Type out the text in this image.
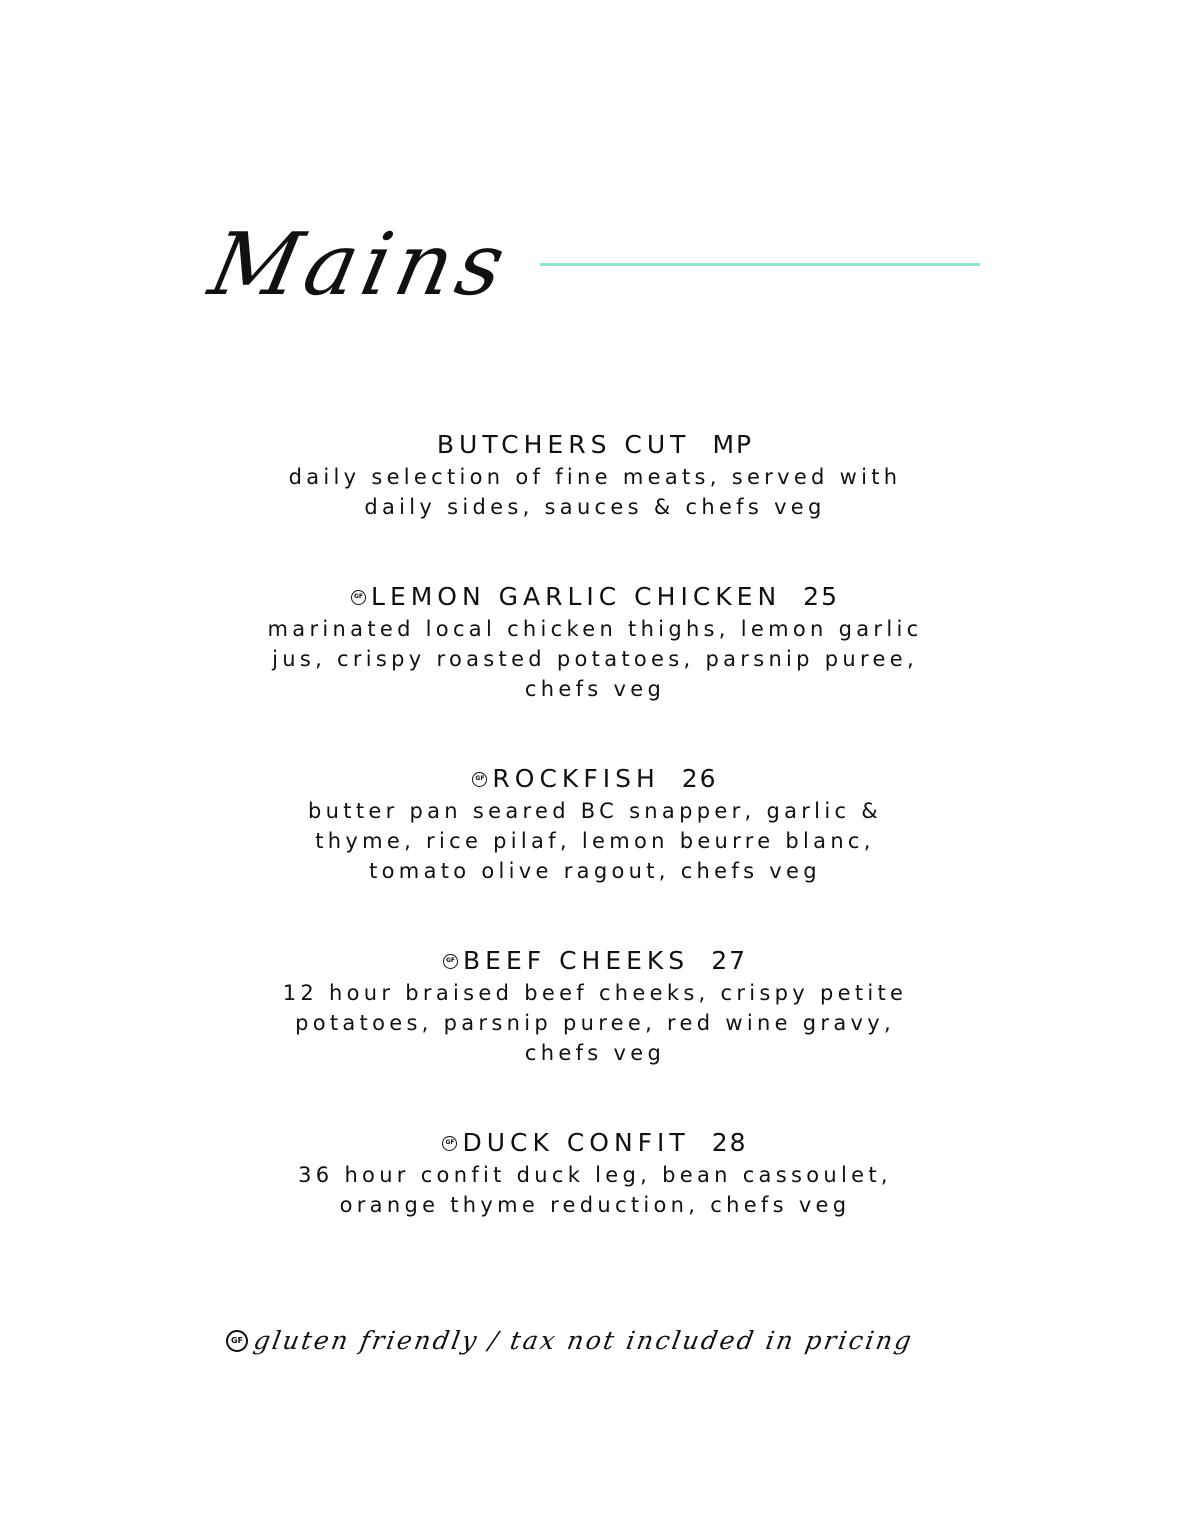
Mains
BUTCHERS CUT MP
daily selection of fine meats, served with
daily sides, sauces & chefs veg
GF LEMON GARLIC CHICKEN 25
marinated local chicken thighs, lemon garlic
jus, crispy roasted potatoes, parsnip puree,
chefs veg
GF ROCKFISH 26
butter pan seared BC snapper, garlic &
thyme, rice pilaf, lemon beurre blanc,
tomato olive ragout, chefs veg
GF BEEF CHEEKS 27
12 hour braised beef cheeks, crispy petite
potatoes, parsnip puree, red wine gravy,
chefs veg
GF DUCK CONFIT 28
36 hour confit duck leg, bean cassoulet,
orange thyme reduction, chefs veg
GF gluten friendly / tax not included in pricing
